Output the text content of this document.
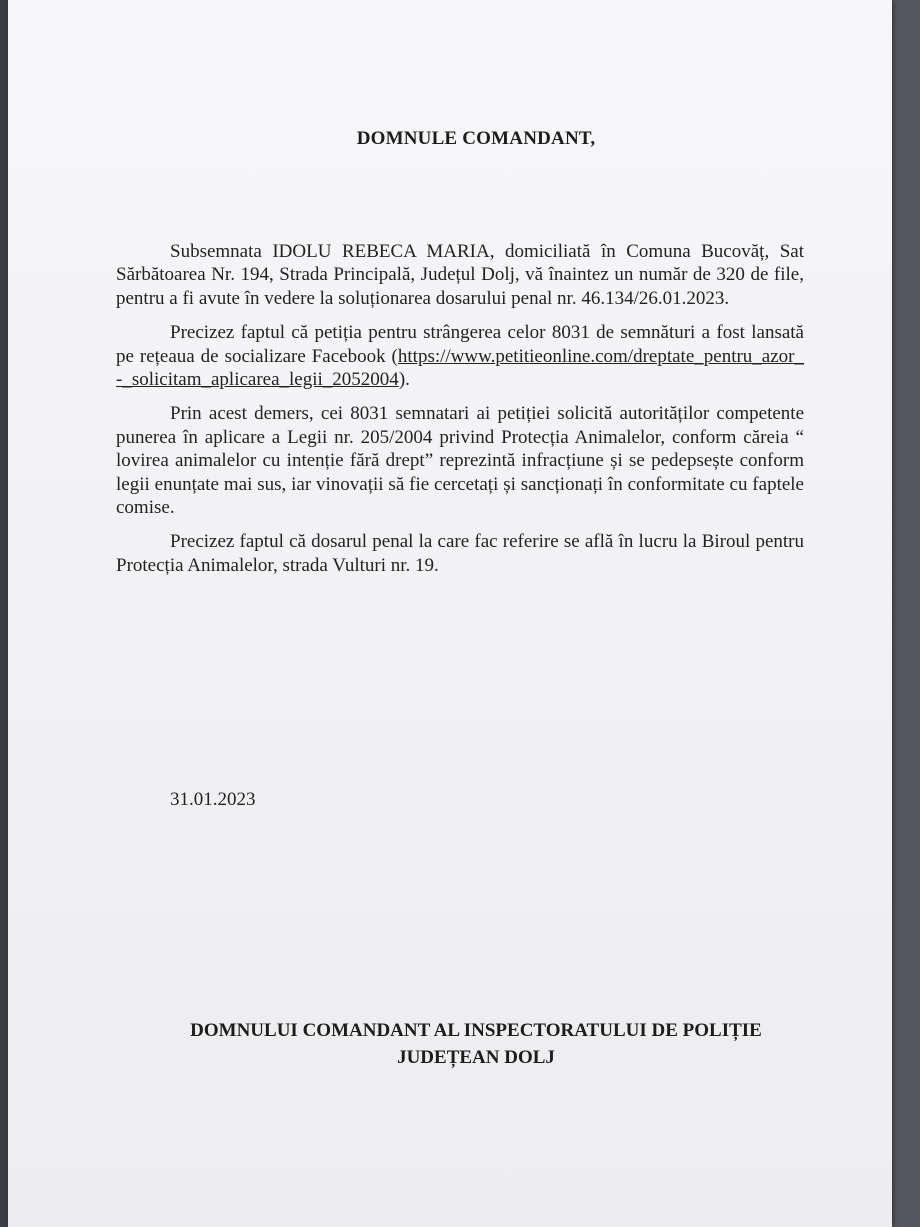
DOMNULE COMANDANT,

Subsemnata IDOLU REBECA MARIA, domiciliată în Comuna Bucovăț, Sat Sărbătoarea Nr. 194, Strada Principală, Județul Dolj, vă înaintez un număr de 320 de file, pentru a fi avute în vedere la soluționarea dosarului penal nr. 46.134/26.01.2023.

Precizez faptul că petiția pentru strângerea celor 8031 de semnături a fost lansată pe rețeaua de socializare Facebook (https://www.petitieonline.com/dreptate_pentru_azor_-_solicitam_aplicarea_legii_2052004).

Prin acest demers, cei 8031 semnatari ai petiției solicită autorităților competente punerea în aplicare a Legii nr. 205/2004 privind Protecția Animalelor, conform căreia “ lovirea animalelor cu intenție fără drept” reprezintă infracțiune și se pedepsește conform legii enunțate mai sus, iar vinovații să fie cercetați și sancționați în conformitate cu faptele comise.

Precizez faptul că dosarul penal la care fac referire se află în lucru la Biroul pentru Protecția Animalelor, strada Vulturi nr. 19.

31.01.2023
DOMNULUI COMANDANT AL INSPECTORATULUI DE POLIȚIE
JUDEȚEAN DOLJ
